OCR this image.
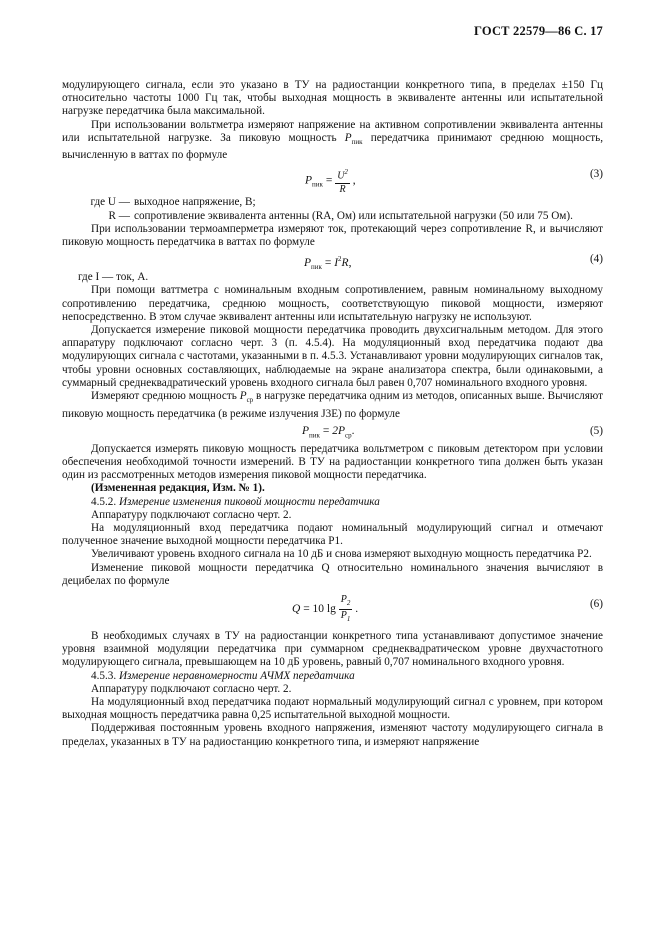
ГОСТ 22579—86 С. 17

модулирующего сигнала, если это указано в ТУ на радиостанции конкретного типа, в пределах ±150 Гц относительно частоты 1000 Гц так, чтобы выходная мощность в эквиваленте антенны или испытательной нагрузке передатчика была максимальной.

При использовании вольтметра измеряют напряжение на активном сопротивлении эквивалента антенны или испытательной нагрузке. За пиковую мощность $P_{пик}$ передатчика принимают среднюю мощность, вычисленную в ваттах по формуле

$P_{пик} = \frac{U^2}{R}$ ,
(3)
где U — выходное напряжение, В;
R — сопротивление эквивалента антенны (RА, Ом) или испытательной нагрузки (50 или 75 Ом).

При использовании термоамперметра измеряют ток, протекающий через сопротивление R, и вычисляют пиковую мощность передатчика в ваттах по формуле

$P_{пик} = I^2R$,	(4)

где I — ток, А.

При помощи ваттметра с номинальным входным сопротивлением, равным номинальному выходному сопротивлению передатчика, среднюю мощность, соответствующую пиковой мощности, измеряют непосредственно. В этом случае эквивалент антенны или испытательную нагрузку не используют.

Допускается измерение пиковой мощности передатчика проводить двухсигнальным методом. Для этого аппаратуру подключают согласно черт. 3 (п. 4.5.4). На модуляционный вход передатчика подают два модулирующих сигнала с частотами, указанными в п. 4.5.3. Устанавливают уровни модулирующих сигналов так, чтобы уровни основных составляющих, наблюдаемые на экране анализатора спектра, были одинаковыми, а суммарный среднеквадратический уровень входного сигнала был равен 0,707 номинального входного уровня.

Измеряют среднюю мощность $P_{ср}$ в нагрузке передатчика одним из методов, описанных выше. Вычисляют пиковую мощность передатчика (в режиме излучения J3E) по формуле

$P_{пик} = 2P_{ср}$.	(5)

Допускается измерять пиковую мощность передатчика вольтметром с пиковым детектором при условии обеспечения необходимой точности измерений. В ТУ на радиостанции конкретного типа должен быть указан один из рассмотренных методов измерения пиковой мощности передатчика.

(Измененная редакция, Изм. № 1).

4.5.2. Измерение изменения пиковой мощности передатчика

Аппаратуру подключают согласно черт. 2.

На модуляционный вход передатчика подают номинальный модулирующий сигнал и отмечают полученное значение выходной мощности передатчика P1.

Увеличивают уровень входного сигнала на 10 дБ и снова измеряют выходную мощность передатчика P2.

Изменение пиковой мощности передатчика Q относительно номинального значения вычисляют в децибелах по формуле

Q = 10 $\lg \frac{P_2}{P_1}$ .	(6)

В необходимых случаях в ТУ на радиостанции конкретного типа устанавливают допустимое значение уровня взаимной модуляции передатчика при суммарном среднеквадратическом уровне двухчастотного модулирующего сигнала, превышающем на 10 дБ уровень, равный 0,707 номинального входного уровня.

4.5.3. Измерение неравномерности АЧМХ передатчика

Аппаратуру подключают согласно черт. 2.

На модуляционный вход передатчика подают нормальный модулирующий сигнал с уровнем, при котором выходная мощность передатчика равна 0,25 испытательной выходной мощности.

Поддерживая постоянным уровень входного напряжения, изменяют частоту модулирующего сигнала в пределах, указанных в ТУ на радиостанцию конкретного типа, и измеряют напряжение
